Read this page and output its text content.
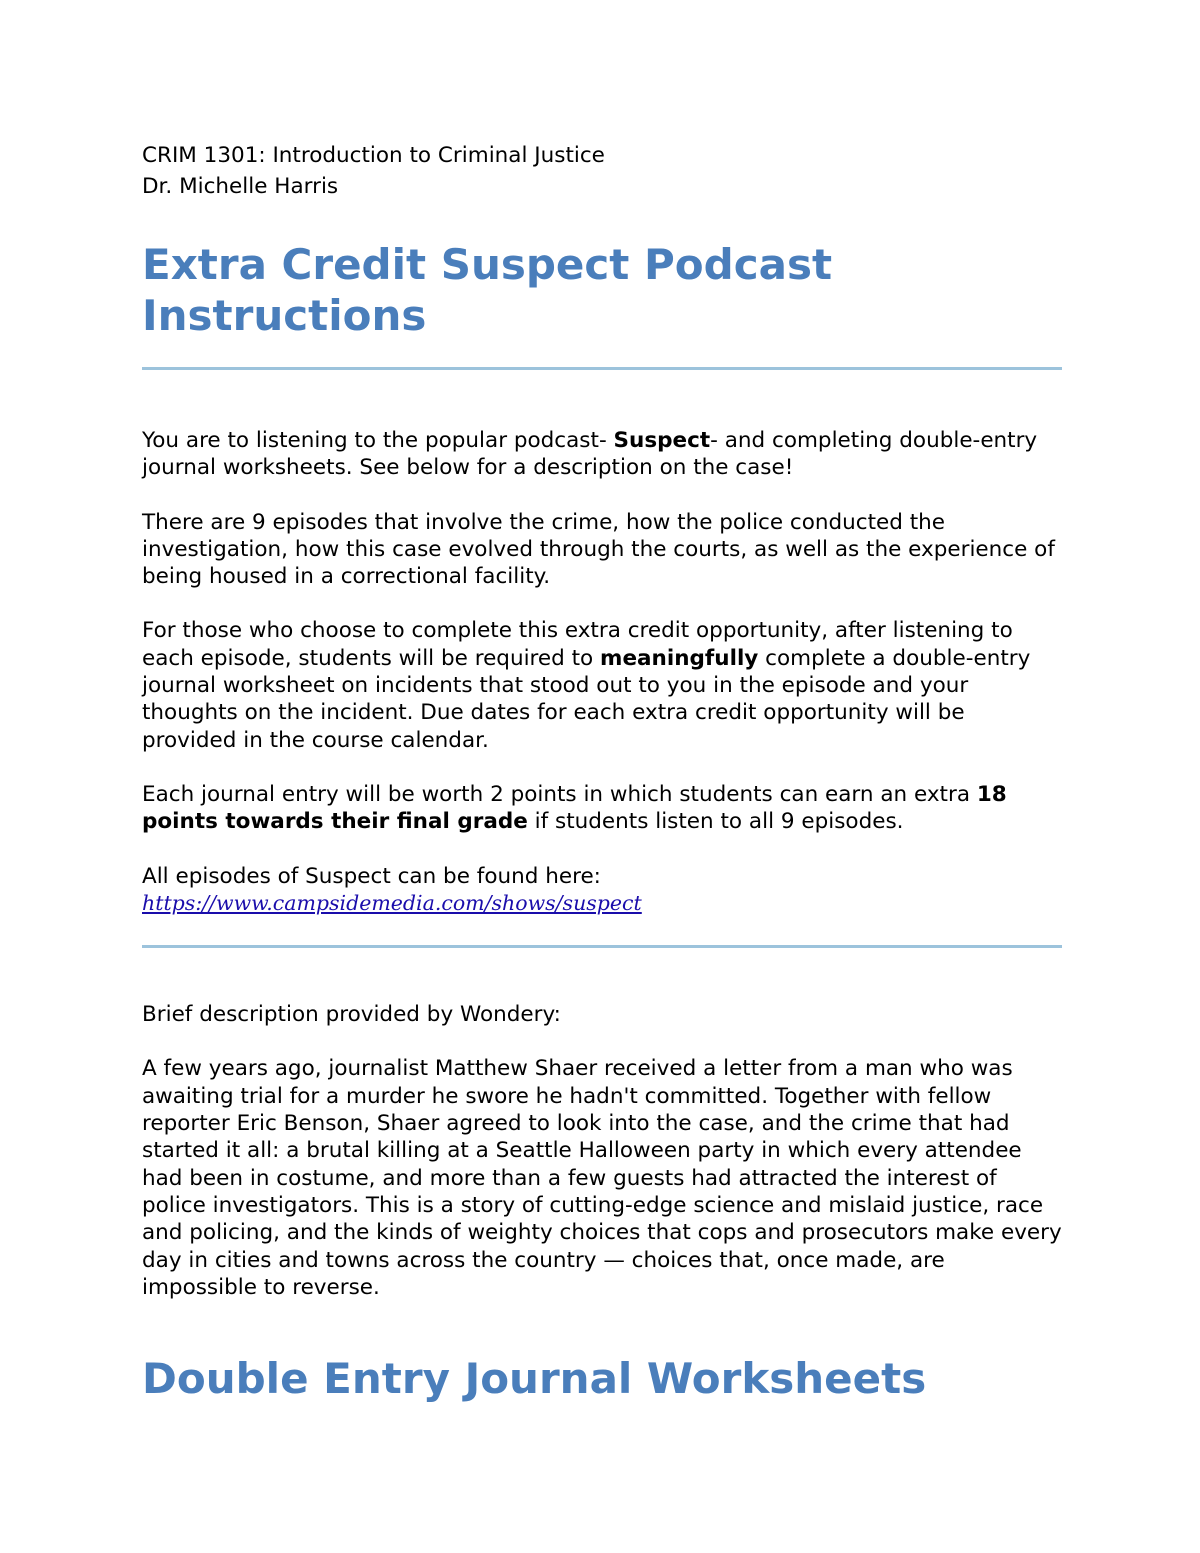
CRIM 1301: Introduction to Criminal Justice

Dr. Michelle Harris

Extra Credit Suspect Podcast
Instructions

You are to listening to the popular podcast- Suspect- and completing double-entry journal worksheets. See below for a description on the case!

There are 9 episodes that involve the crime, how the police conducted the investigation, how this case evolved through the courts, as well as the experience of being housed in a correctional facility.

For those who choose to complete this extra credit opportunity, after listening to each episode, students will be required to meaningfully complete a double-entry journal worksheet on incidents that stood out to you in the episode and your thoughts on the incident. Due dates for each extra credit opportunity will be provided in the course calendar.

Each journal entry will be worth 2 points in which students can earn an extra 18 points towards their final grade if students listen to all 9 episodes.

All episodes of Suspect can be found here:
https://www.campsidemedia.com/shows/suspect

Brief description provided by Wondery:

A few years ago, journalist Matthew Shaer received a letter from a man who was awaiting trial for a murder he swore he hadn't committed. Together with fellow reporter Eric Benson, Shaer agreed to look into the case, and the crime that had started it all: a brutal killing at a Seattle Halloween party in which every attendee had been in costume, and more than a few guests had attracted the interest of police investigators. This is a story of cutting-edge science and mislaid justice, race and policing, and the kinds of weighty choices that cops and prosecutors make every day in cities and towns across the country — choices that, once made, are impossible to reverse.

Double Entry Journal Worksheets
